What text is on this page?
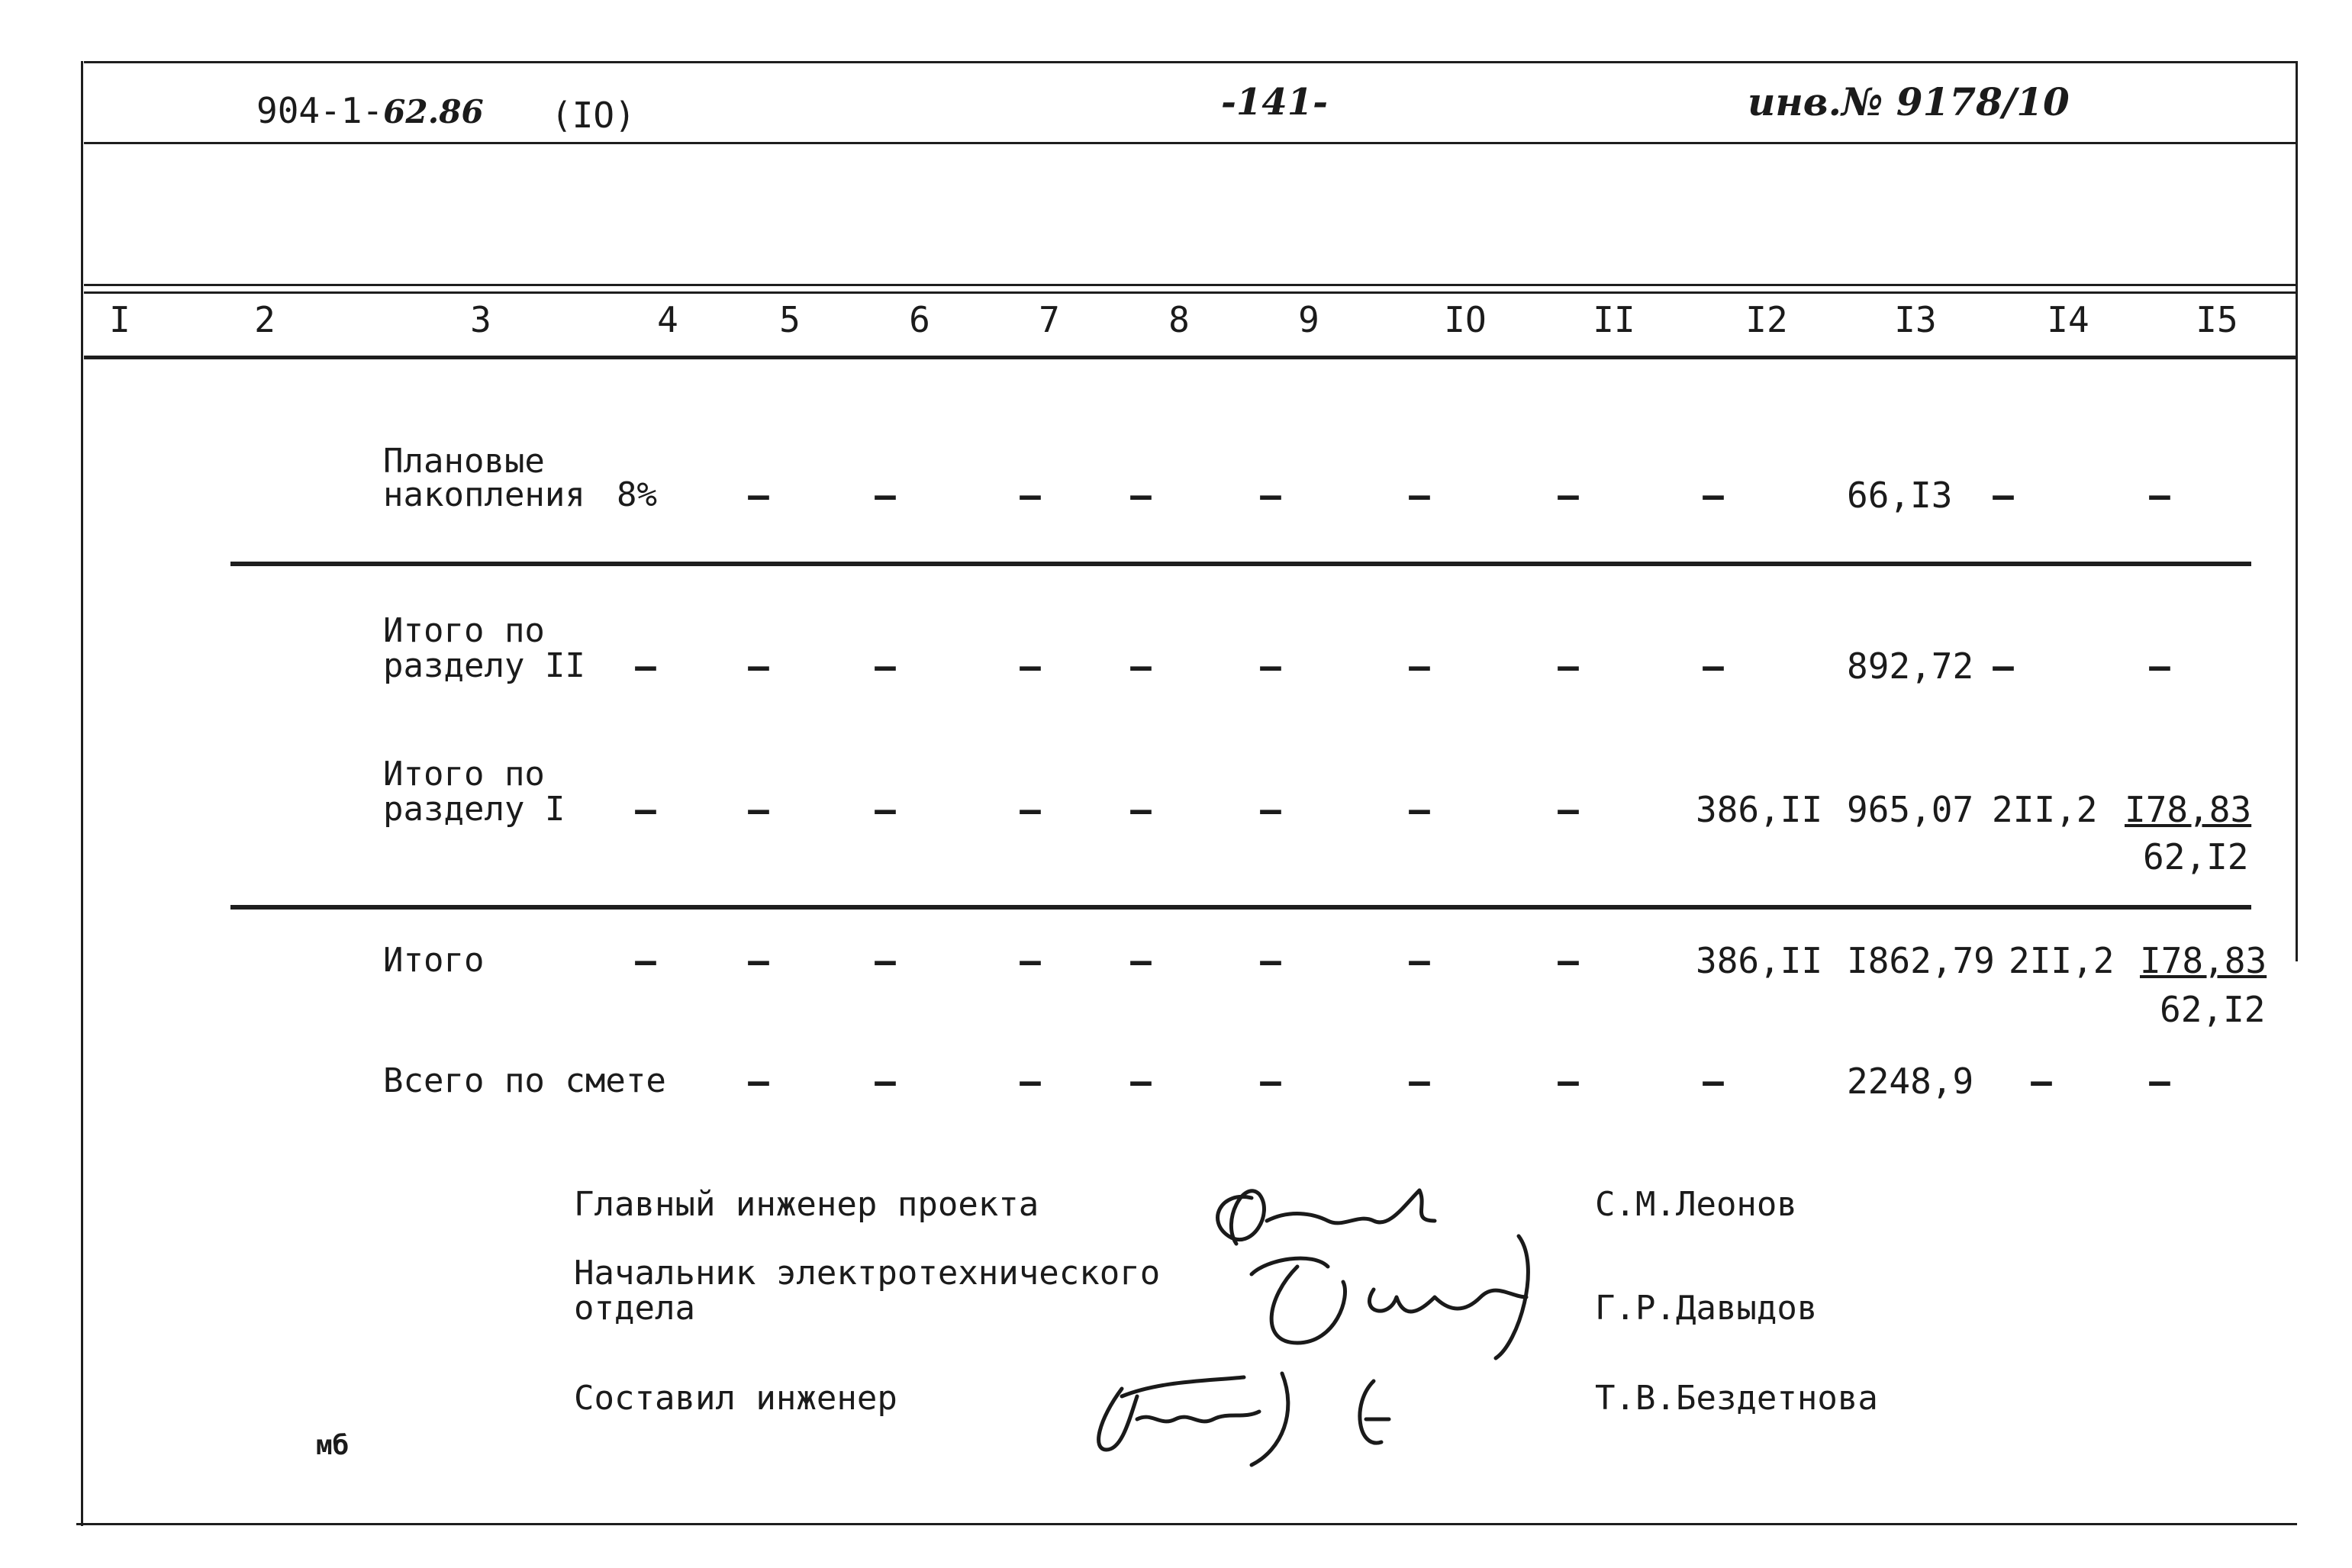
904-1-62.86 (IO)	-141-	инв.№ 9178/10
I	2	3	4	5	6	7	8	9	IO	II	I2	I3	I4	I5
Плановые
накопления 8%	–	–	–	–	–	–	–	–	66,I3 –	–
Итого по
разделу II –	–	–	–	–	–	–	–	–	892,72 –	–
Итого по
разделу I –	–	–	–	–	–	–	–	386,II 965,07 2II,2 I78,83
62,I2
Итого	–	–	–	–	–	–	–	–	386,II I862,79 2II,2 I78,83
62,I2
Всего по смете –	–	–	–	–	–	–	–	2248,9 –	–
Главный инженер проекта	С.М.Леонов
Начальник электротехнического
отдела	Г.Р.Давыдов
Составил инженер	Т.В.Бездетнова
мб
